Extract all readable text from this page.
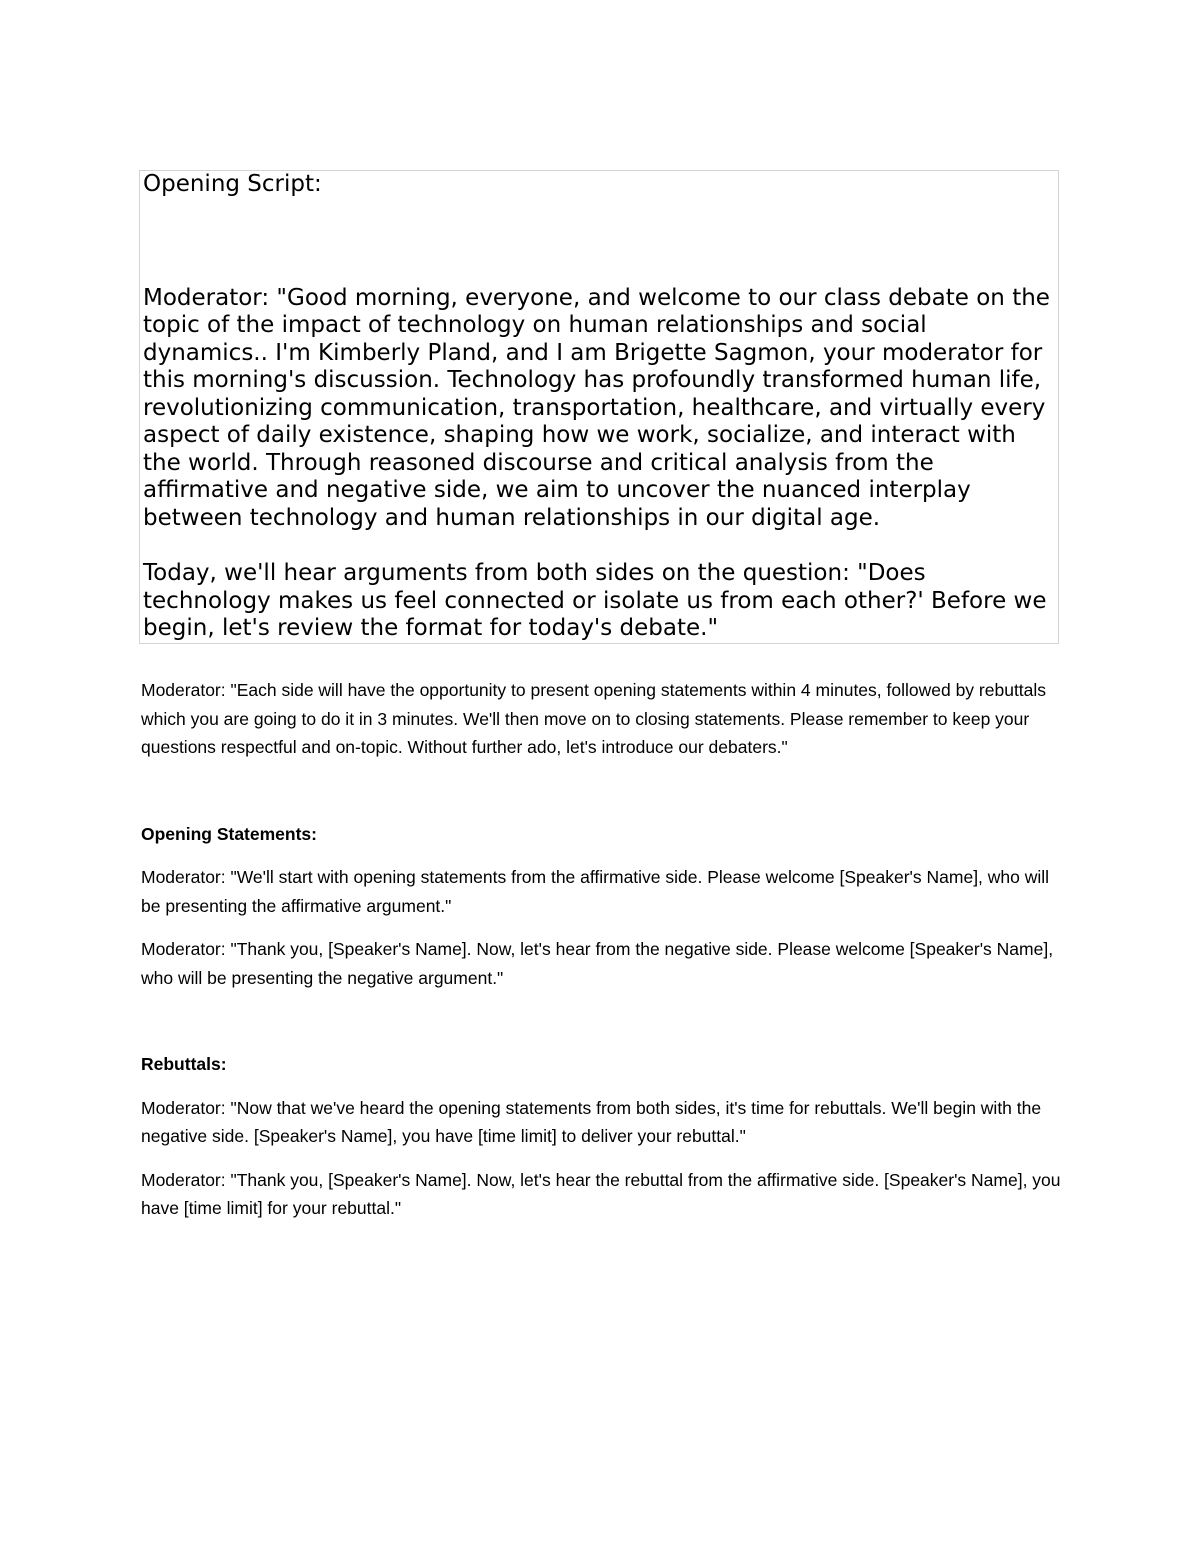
Opening Script:

Moderator: "Good morning, everyone, and welcome to our class debate on the topic of the impact of technology on human relationships and social dynamics.. I'm Kimberly Pland, and I am Brigette Sagmon, your moderator for this morning's discussion. Technology has profoundly transformed human life, revolutionizing communication, transportation, healthcare, and virtually every aspect of daily existence, shaping how we work, socialize, and interact with the world. Through reasoned discourse and critical analysis from the affirmative and negative side, we aim to uncover the nuanced interplay between technology and human relationships in our digital age.

Today, we'll hear arguments from both sides on the question: "Does technology makes us feel connected or isolate us from each other?' Before we begin, let's review the format for today's debate."

Moderator: "Each side will have the opportunity to present opening statements within 4 minutes, followed by rebuttals which you are going to do it in 3 minutes. We'll then move on to closing statements. Please remember to keep your questions respectful and on-topic. Without further ado, let's introduce our debaters."

Opening Statements:

Moderator: "We'll start with opening statements from the affirmative side. Please welcome [Speaker's Name], who will be presenting the affirmative argument."

Moderator: "Thank you, [Speaker's Name]. Now, let's hear from the negative side. Please welcome [Speaker's Name], who will be presenting the negative argument."

Rebuttals:

Moderator: "Now that we've heard the opening statements from both sides, it's time for rebuttals. We'll begin with the negative side. [Speaker's Name], you have [time limit] to deliver your rebuttal."

Moderator: "Thank you, [Speaker's Name]. Now, let's hear the rebuttal from the affirmative side. [Speaker's Name], you have [time limit] for your rebuttal."
